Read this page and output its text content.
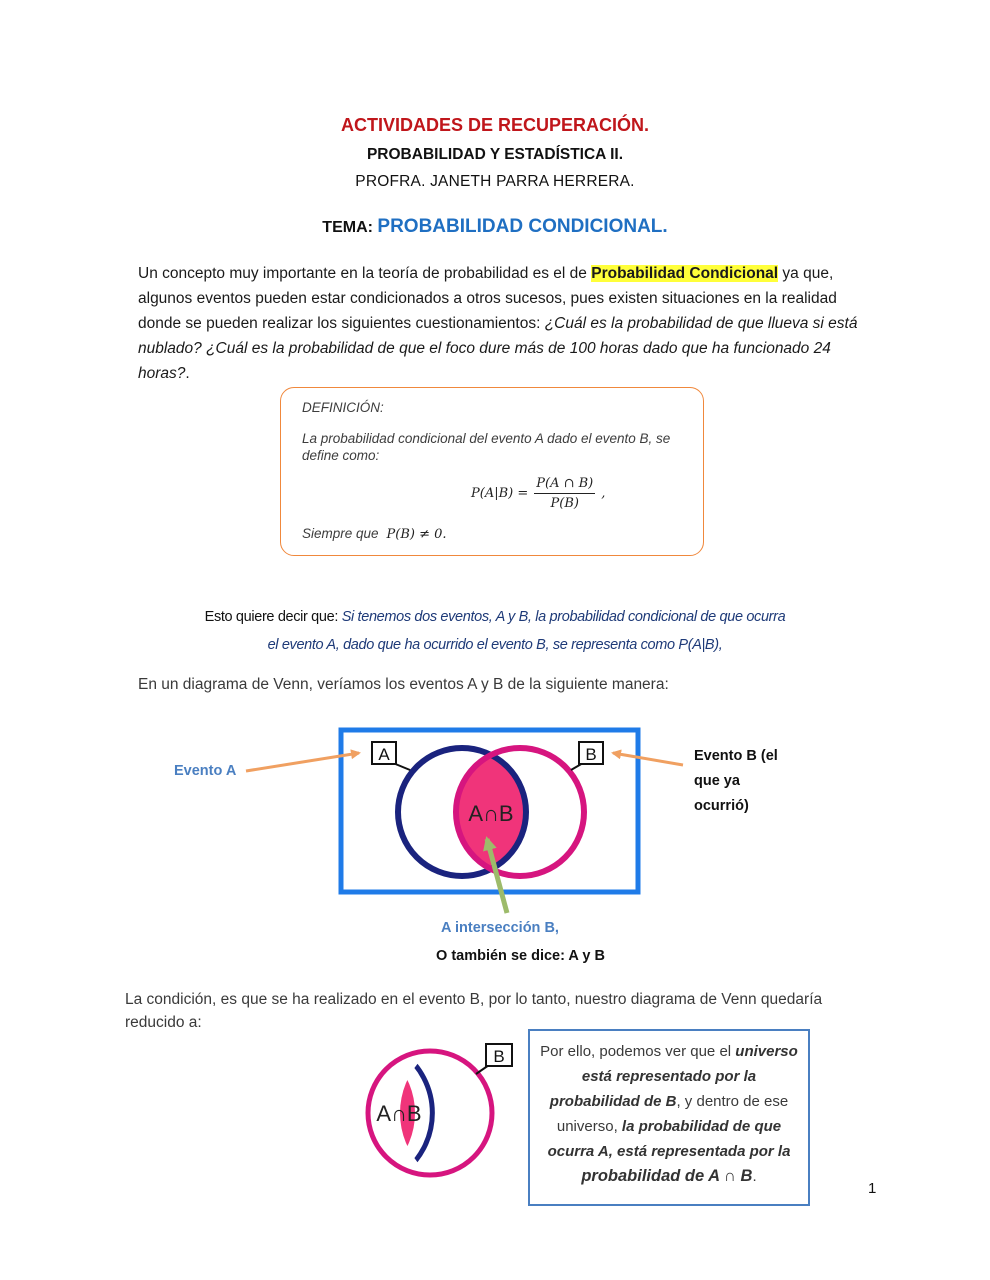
ACTIVIDADES DE RECUPERACIÓN.
PROBABILIDAD Y ESTADÍSTICA II.
PROFRA. JANETH PARRA HERRERA.
TEMA: PROBABILIDAD CONDICIONAL.
Un concepto muy importante en la teoría de probabilidad es el de Probabilidad Condicional ya que, algunos eventos pueden estar condicionados a otros sucesos, pues existen situaciones en la realidad donde se pueden realizar los siguientes cuestionamientos: ¿Cuál es la probabilidad de que llueva si está nublado? ¿Cuál es la probabilidad de que el foco dure más de 100 horas dado que ha funcionado 24 horas?.
DEFINICIÓN:
La probabilidad condicional del evento A dado el evento B, se define como:
$P(A|B) = \frac{P(A \cap B)}{P(B)}$ ,
Siempre que P(B) ≠ 0.
Esto quiere decir que: Si tenemos dos eventos, A y B, la probabilidad condicional de que ocurra
el evento A, dado que ha ocurrido el evento B, se representa como P(A|B),
En un diagrama de Venn, veríamos los eventos A y B de la siguiente manera:
A	B
A∩B
B
A∩B
Evento A
Evento B (el
que ya
ocurrió)
A intersección B,
O también se dice: A y B
La condición, es que se ha realizado en el evento B, por lo tanto, nuestro diagrama de Venn quedaría reducido a:
Por ello, podemos ver que el universo está representado por la probabilidad de B, y dentro de ese universo, la probabilidad de que ocurra A, está representada por la probabilidad de A ∩ B.
1
